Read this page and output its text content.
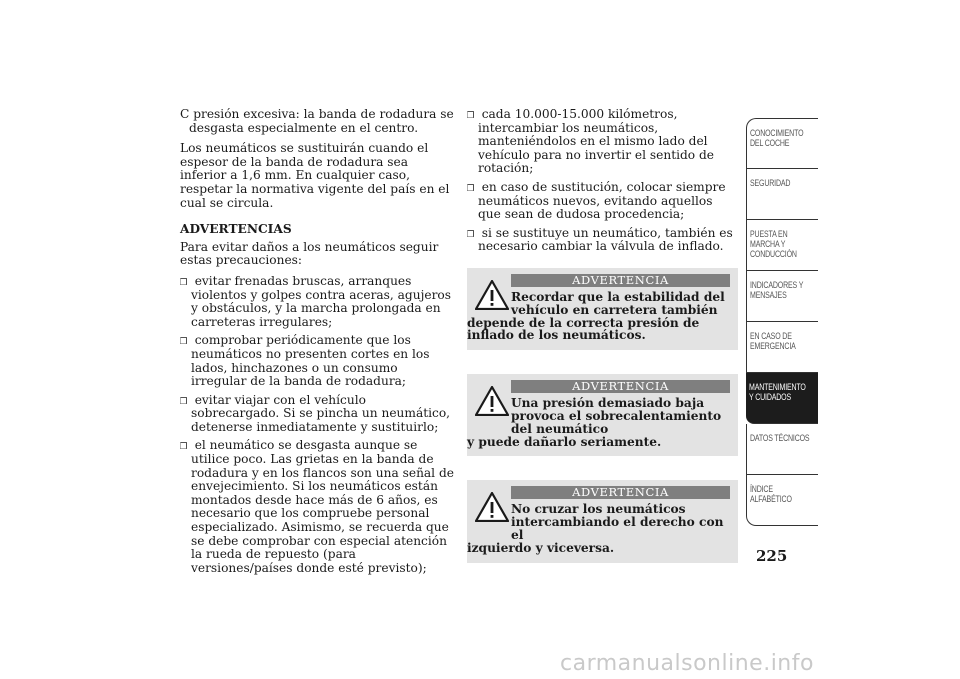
C presión excesiva: la banda de rodadura se desgasta especialmente en el centro.

Los neumáticos se sustituirán cuando el espesor de la banda de rodadura sea inferior a 1,6 mm. En cualquier caso, respetar la normativa vigente del país en el cual se circula.

ADVERTENCIAS

Para evitar daños a los neumáticos seguir estas precauciones:

❒ evitar frenadas bruscas, arranques violentos y golpes contra aceras, agujeros y obstáculos, y la marcha prolongada en carreteras irregulares;

❒ comprobar periódicamente que los neumáticos no presenten cortes en los lados, hinchazones o un consumo irregular de la banda de rodadura;

❒ evitar viajar con el vehículo sobrecargado. Si se pincha un neumático, detenerse inmediatamente y sustituirlo;

❒ el neumático se desgasta aunque se utilice poco. Las grietas en la banda de rodadura y en los flancos son una señal de envejecimiento. Si los neumáticos están montados desde hace más de 6 años, es necesario que los compruebe personal especializado. Asimismo, se recuerda que se debe comprobar con especial atención la rueda de repuesto (para versiones/países donde esté previsto);

❒ cada 10.000-15.000 kilómetros, intercambiar los neumáticos, manteniéndolos en el mismo lado del vehículo para no invertir el sentido de rotación;

❒ en caso de sustitución, colocar siempre neumáticos nuevos, evitando aquellos que sean de dudosa procedencia;

❒ si se sustituye un neumático, también es necesario cambiar la válvula de inflado.

ADVERTENCIA
Recordar que la estabilidad del vehículo en carretera también
depende de la correcta presión de inflado de los neumáticos.
ADVERTENCIA
Una presión demasiado baja provoca el sobrecalentamiento del neumático
y puede dañarlo seriamente.
ADVERTENCIA
No cruzar los neumáticos intercambiando el derecho con el
izquierdo y viceversa.
CONOCIMIENTO
DEL COCHE
SEGURIDAD
PUESTA EN
MARCHA Y
CONDUCCIÓN
INDICADORES Y
MENSAJES
EN CASO DE
EMERGENCIA
MANTENIMIENTO
Y CUIDADOS
DATOS TÉCNICOS
ÍNDICE
ALFABÉTICO
225
carmanualsonline.info
